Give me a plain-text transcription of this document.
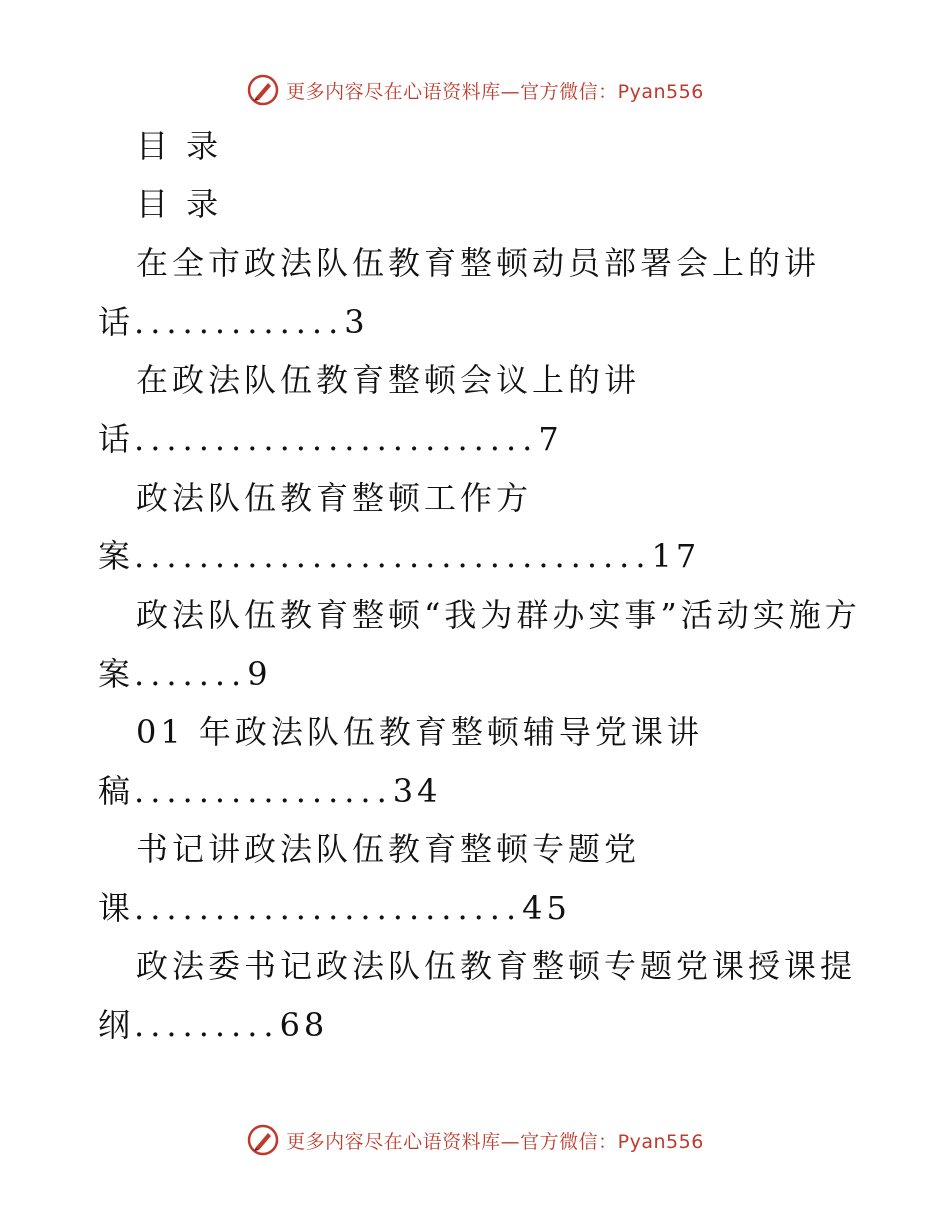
更多内容尽在心语资料库—官方微信：Pyan556
目 录
目 录
在全市政法队伍教育整顿动员部署会上的讲
话.............3
在政法队伍教育整顿会议上的讲
话.........................7
政法队伍教育整顿工作方
案................................17
政法队伍教育整顿“我为群办实事”活动实施方
案.......9
01 年政法队伍教育整顿辅导党课讲
稿................34
书记讲政法队伍教育整顿专题党
课........................45
政法委书记政法队伍教育整顿专题党课授课提
纲.........68
更多内容尽在心语资料库—官方微信：Pyan556
